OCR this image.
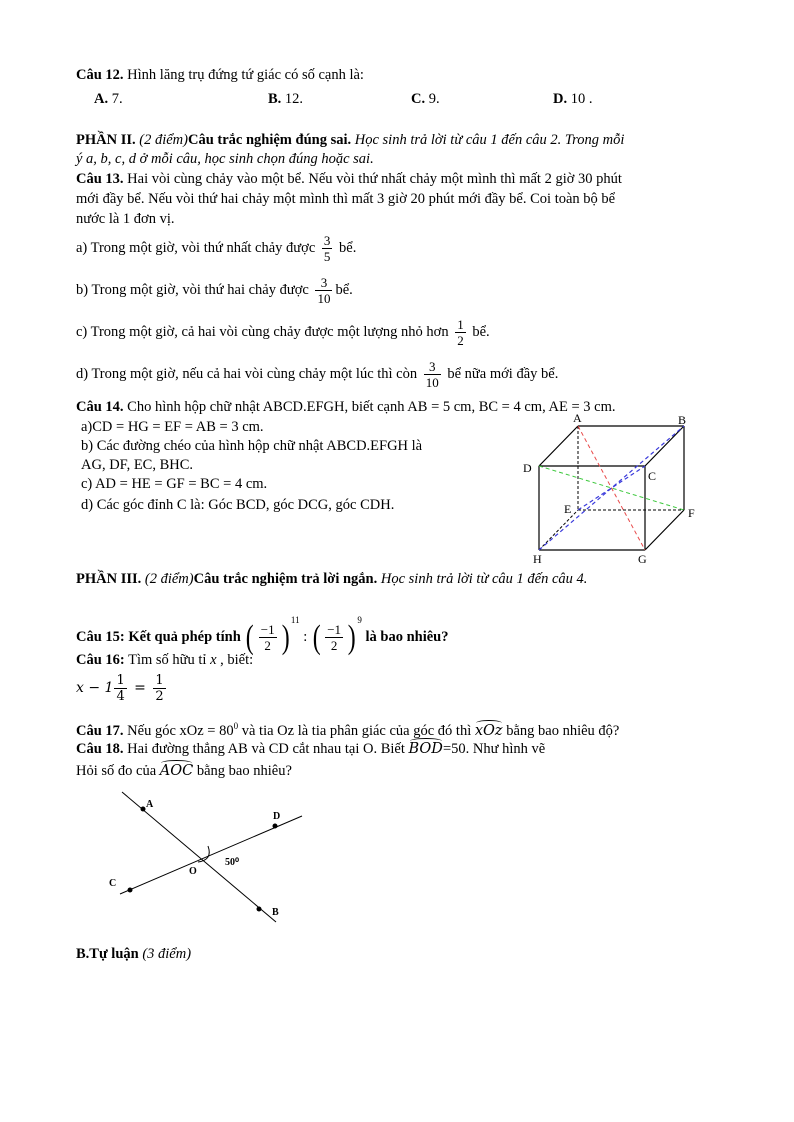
Câu 12. Hình lăng trụ đứng tứ giác có số cạnh là:
A. 7.	B. 12.	C. 9.	D. 10 .
PHẦN II. (2 điểm)Câu trắc nghiệm đúng sai. Học sinh trả lời từ câu 1 đến câu 2. Trong mỗi
ý a, b, c, d ở mỗi câu, học sinh chọn đúng hoặc sai.
Câu 13. Hai vòi cùng chảy vào một bể. Nếu vòi thứ nhất chảy một mình thì mất 2 giờ 30 phút
mới đầy bể. Nếu vòi thứ hai chảy một mình thì mất 3 giờ 20 phút mới đầy bể. Coi toàn bộ bể
nước là 1 đơn vị.
a) Trong một giờ, vòi thứ nhất chảy được $\frac{3}{5}$ bể.
b) Trong một giờ, vòi thứ hai chảy được $\frac{3}{10}$ bể.
c) Trong một giờ, cả hai vòi cùng chảy được một lượng nhỏ hơn $\frac{1}{2}$ bể.
d) Trong một giờ, nếu cả hai vòi cùng chảy một lúc thì còn $\frac{3}{10}$ bể nữa mới đầy bể.
Câu 14. Cho hình hộp chữ nhật ABCD.EFGH, biết cạnh AB = 5 cm, BC = 4 cm, AE = 3 cm.
a)CD = HG = EF = AB = 3 cm.
b) Các đường chéo của hình hộp chữ nhật ABCD.EFGH là
AG, DF, EC, BHC.
c) AD = HE = GF = BC = 4 cm.
d) Các góc đỉnh C là: Góc BCD, góc DCG, góc CDH.
A	B
C
D
E	F
G
H
PHẦN III. (2 điểm)Câu trắc nghiệm trả lời ngắn. Học sinh trả lời từ câu 1 đến câu 4.
Câu 15: Kết quả phép tính ( $\frac{-1}{2}$ ) $^{11}$ : ( $\frac{-1}{2}$ ) $^9$ là bao nhiêu?
Câu 16: Tìm số hữu tỉ x , biết:
$x - 1 \frac{1}{4} = \frac{1}{2}$
Câu 17. Nếu góc xOz = $80^0$ và tia Oz là tia phân giác của góc đó thì xOz bằng bao nhiêu độ?
Câu 18. Hai đường thẳng AB và CD cắt nhau tại O. Biết BOD=50. Như hình vẽ
Hỏi số đo của AOC bằng bao nhiêu?
A
B
C
D
O
50⁰
B.Tự luận (3 điểm)
